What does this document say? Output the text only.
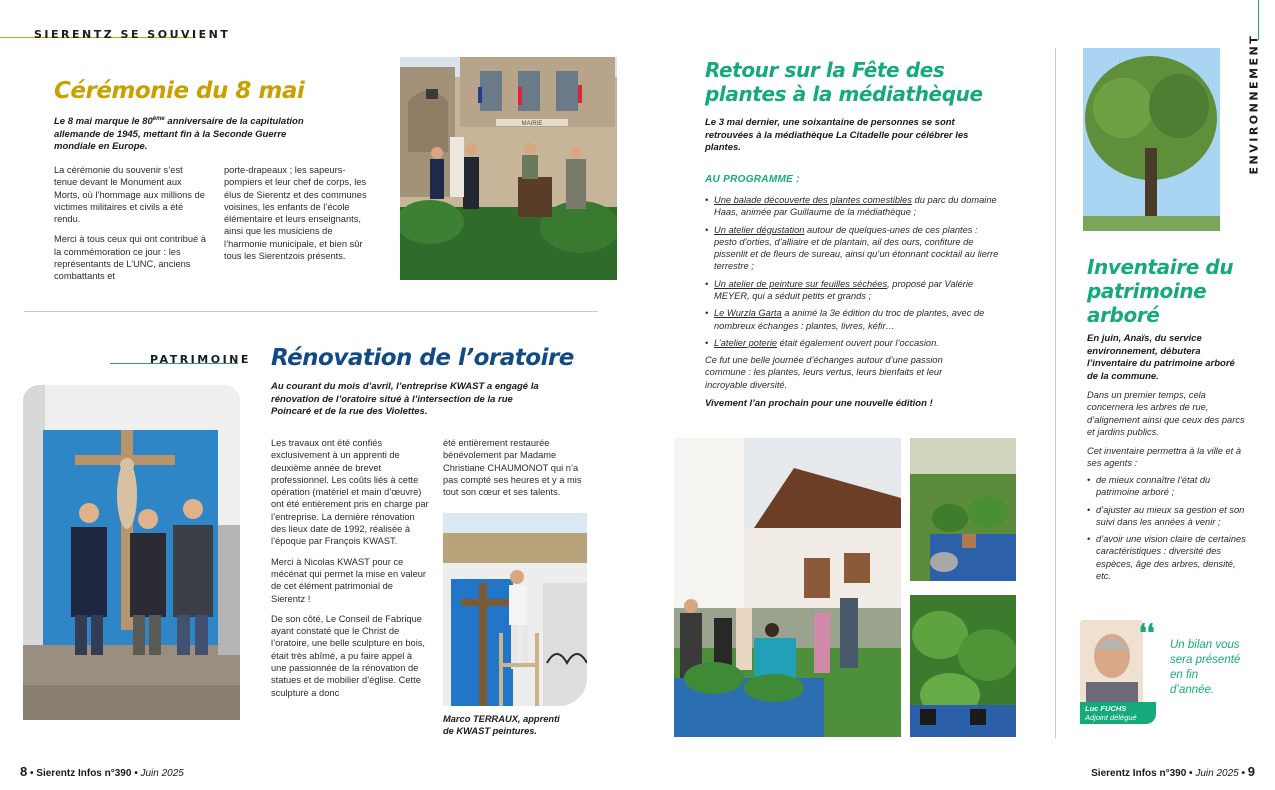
SIERENTZ SE SOUVIENT
Cérémonie du 8 mai
Le 8 mai marque le 80ème anniversaire de la capitulation allemande de 1945, mettant fin à la Seconde Guerre mondiale en Europe.

La cérémonie du souvenir s’est tenue devant le Monument aux Morts, où l’hommage aux millions de victimes militaires et civils a été rendu.

Merci à tous ceux qui ont contribué à la commémoration ce jour : les représentants de L’UNC, anciens combattants et

porte-drapeaux ; les sapeurs-pompiers et leur chef de corps, les élus de Sierentz et des communes voisines, les enfants de l’école élémentaire et leurs enseignants, ainsi que les musiciens de l’harmonie municipale, et bien sûr tous les Sierentzois présents.

MAIRIE
PATRIMOINE Rénovation de l’oratoire
Au courant du mois d’avril, l’entreprise KWAST a engagé la rénovation de l’oratoire situé à l’intersection de la rue Poincaré et de la rue des Violettes.

Les travaux ont été confiés exclusivement à un apprenti de deuxième année de brevet professionnel. Les coûts liés à cette opération (matériel et main d’œuvre) ont été entièrement pris en charge par l’entreprise. La dernière rénovation des lieux date de 1992, réalisée à l’époque par François KWAST.

Merci à Nicolas KWAST pour ce mécénat qui permet la mise en valeur de cet élément patrimonial de Sierentz !

De son côté, Le Conseil de Fabrique ayant constaté que le Christ de l’oratoire, une belle sculpture en bois, était très abîmé, a pu faire appel à une passionnée de la rénovation de statues et de mobilier d’église. Cette sculpture a donc

été entièrement restaurée bénévolement par Madame Christiane CHAUMONOT qui n’a pas compté ses heures et y a mis tout son cœur et ses talents.

Marco TERRAUX, apprenti de KWAST peintures.
8 • Sierentz Infos n°390 • Juin 2025
Retour sur la Fête des
plantes à la médiathèque
Le 3 mai dernier, une soixantaine de personnes se sont retrouvées à la médiathèque La Citadelle pour célébrer les plantes.
AU PROGRAMME :
• Une balade découverte des plantes comestibles du parc du domaine Haas, animée par Guillaume de la médiathèque ;
• Un atelier dégustation autour de quelques-unes de ces plantes : pesto d’orties, d’alliaire et de plantain, ail des ours, confiture de pissenlit et de fleurs de sureau, ainsi qu’un étonnant cocktail au lierre terrestre ;
• Un atelier de peinture sur feuilles séchées, proposé par Valérie MEYER, qui a séduit petits et grands ;
• Le Wurzla Garta a animé la 3e édition du troc de plantes, avec de nombreux échanges : plantes, livres, kéfir…
• L’atelier poterie était également ouvert pour l’occasion.
Ce fut une belle journée d’échanges autour d’une passion commune : les plantes, leurs vertus, leurs bienfaits et leur incroyable diversité.
Vivement l’an prochain pour une nouvelle édition !
ENVIRONNEMENT
Inventaire du
patrimoine
arboré
En juin, Anaïs, du service environnement, débutera l’inventaire du patrimoine arboré de la commune.
Dans un premier temps, cela concernera les arbres de rue, d’alignement ainsi que ceux des parcs et jardins publics.
Cet inventaire permettra à la ville et à ses agents :
• de mieux connaître l’état du patrimoine arboré ;
• d’ajuster au mieux sa gestion et son suivi dans les années à venir ;
• d’avoir une vision claire de certaines caractéristiques : diversité des espèces, âge des arbres, densité, etc.
Luc FUCHS
Adjoint délégué
❛❛ Un bilan vous sera présenté en fin d’année.
Sierentz Infos n°390 • Juin 2025 • 9
